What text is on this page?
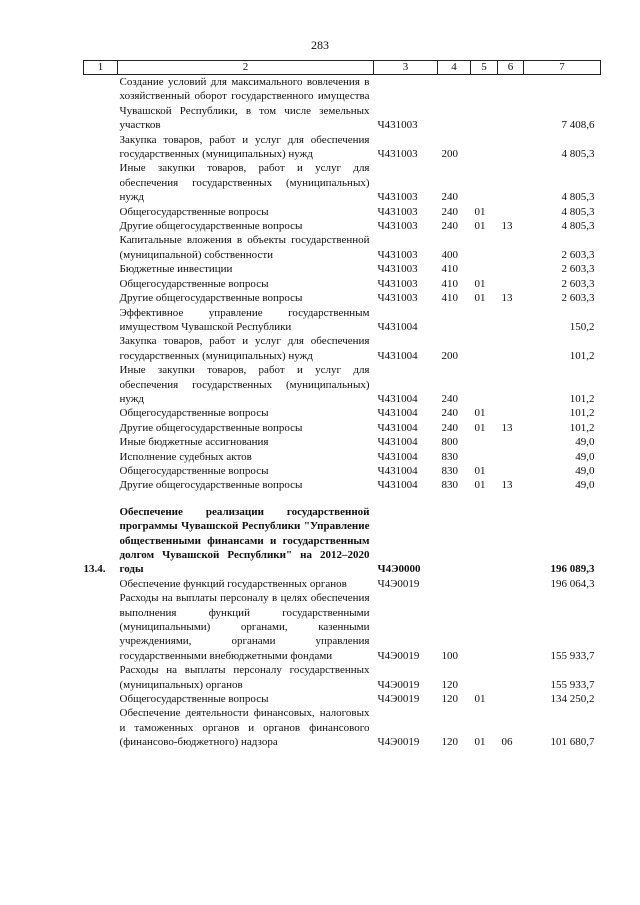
283
1	2	3	4	5	6	7
	Создание условий для максимального вовлечения в хозяйственный оборот государственного имущества Чувашской Республики, в том числе земельных участков	Ч431003				7 408,6
	Закупка товаров, работ и услуг для обеспечения государственных (муниципальных) нужд	Ч431003	200			4 805,3
	Иные закупки товаров, работ и услуг для обеспечения государственных (муниципальных) нужд	Ч431003	240			4 805,3
	Общегосударственные вопросы	Ч431003	240	01		4 805,3
	Другие общегосударственные вопросы	Ч431003	240	01	13	4 805,3
	Капитальные вложения в объекты государственной (муниципальной) собственности	Ч431003	400			2 603,3
	Бюджетные инвестиции	Ч431003	410			2 603,3
	Общегосударственные вопросы	Ч431003	410	01		2 603,3
	Другие общегосударственные вопросы	Ч431003	410	01	13	2 603,3
	Эффективное управление государственным имуществом Чувашской Республики	Ч431004				150,2
	Закупка товаров, работ и услуг для обеспечения государственных (муниципальных) нужд	Ч431004	200			101,2
	Иные закупки товаров, работ и услуг для обеспечения государственных (муниципальных) нужд	Ч431004	240			101,2
	Общегосударственные вопросы	Ч431004	240	01		101,2
	Другие общегосударственные вопросы	Ч431004	240	01	13	101,2
	Иные бюджетные ассигнования	Ч431004	800			49,0
	Исполнение судебных актов	Ч431004	830			49,0
	Общегосударственные вопросы	Ч431004	830	01		49,0
	Другие общегосударственные вопросы	Ч431004	830	01	13	49,0

13.4.	Обеспечение реализации государственной программы Чувашской Республики "Управление общественными финансами и государственным долгом Чувашской Республики" на 2012–2020 годы	Ч4Э0000				196 089,3
	Обеспечение функций государственных органов	Ч4Э0019				196 064,3
	Расходы на выплаты персоналу в целях обеспечения выполнения функций государственными (муниципальными) органами, казенными учреждениями, органами управления государственными внебюджетными фондами	Ч4Э0019	100			155 933,7
	Расходы на выплаты персоналу государственных (муниципальных) органов	Ч4Э0019	120			155 933,7
	Общегосударственные вопросы	Ч4Э0019	120	01		134 250,2
	Обеспечение деятельности финансовых, налоговых и таможенных органов и органов финансового (финансово-бюджетного) надзора	Ч4Э0019	120	01	06	101 680,7
